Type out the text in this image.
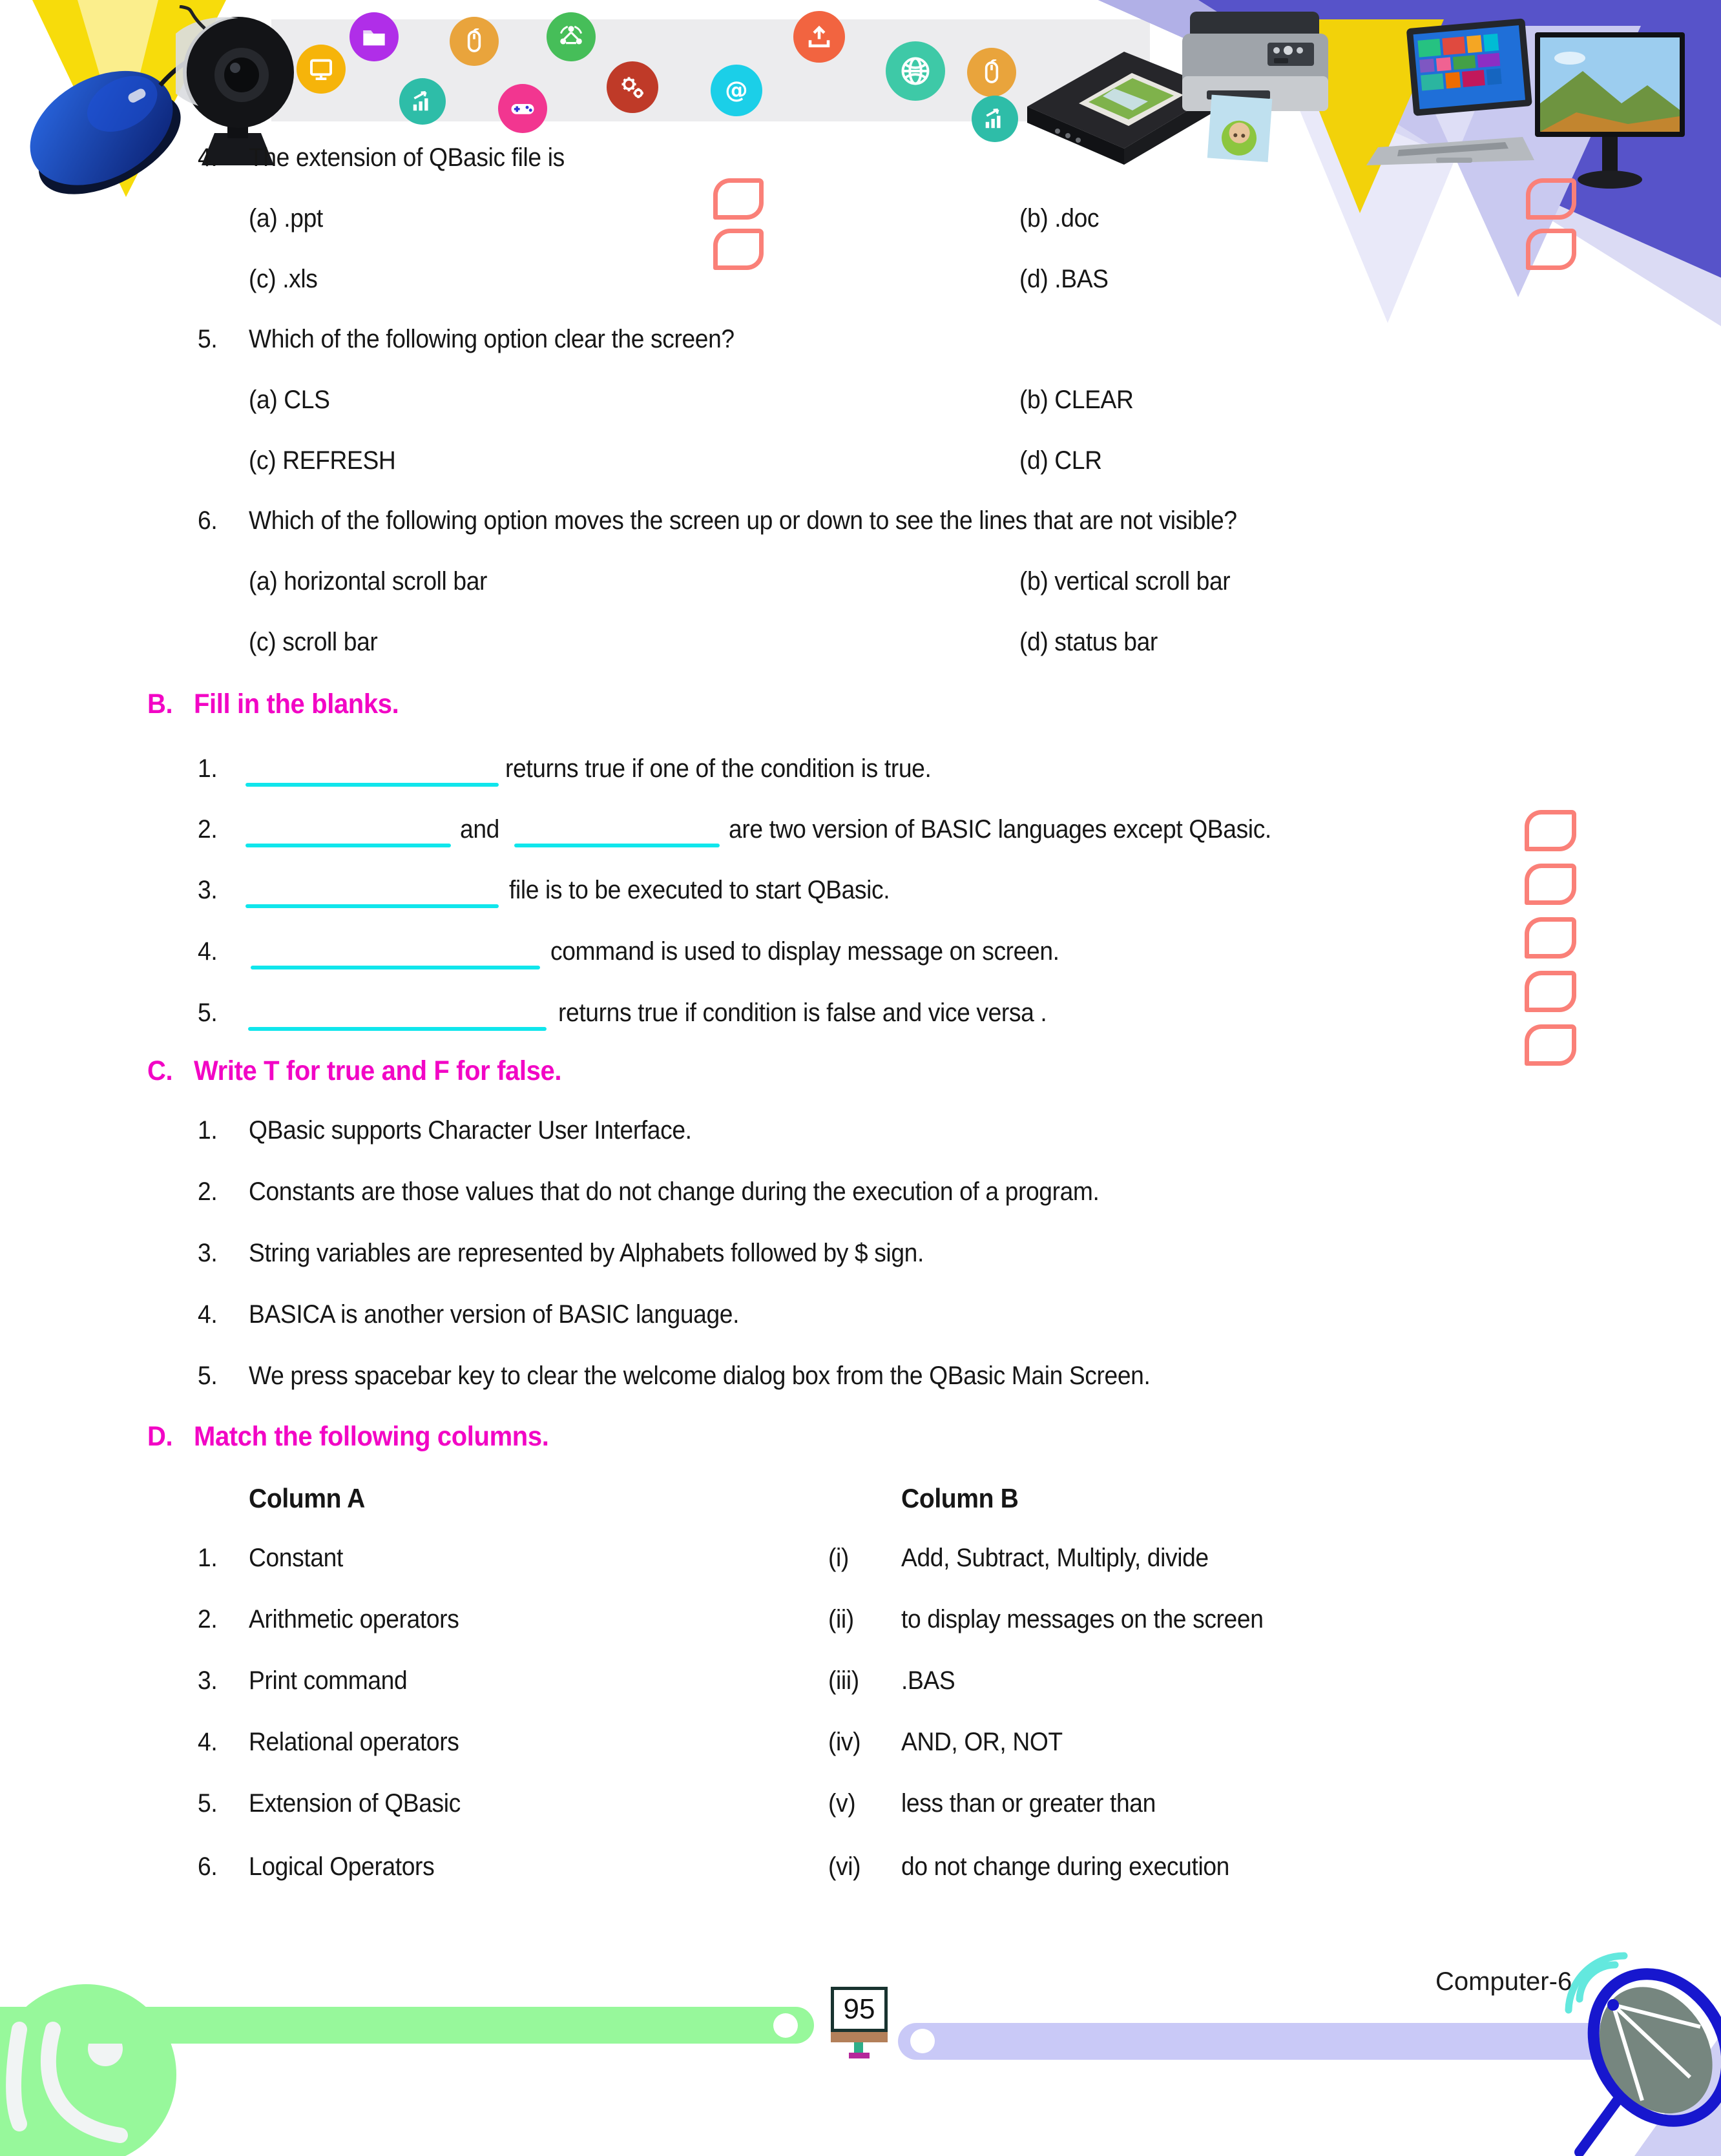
@
4. The extension of QBasic file is
(a) .ppt	(b) .doc
(c) .xls	(d) .BAS
5. Which of the following option clear the screen?
(a) CLS	(b) CLEAR
(c) REFRESH	(d) CLR
6. Which of the following option moves the screen up or down to see the lines that are not visible?
(a) horizontal scroll bar	(b) vertical scroll bar
(c) scroll bar	(d) status bar
B. Fill in the blanks.
1.	returns true if one of the condition is true.
2.	and	are two version of BASIC languages except QBasic.
3.	file is to be executed to start QBasic.
4.	command is used to display message on screen.
5.	returns true if condition is false and vice versa .
C. Write T for true and F for false.
1. QBasic supports Character User Interface.
2. Constants are those values that do not change during the execution of a program.
3. String variables are represented by Alphabets followed by $ sign.
4. BASICA is another version of BASIC language.
5. We press spacebar key to clear the welcome dialog box from the QBasic Main Screen.
D. Match the following columns.
Column A	Column B
1. Constant	(i) Add, Subtract, Multiply, divide
2. Arithmetic operators	(ii) to display messages on the screen
3. Print command	(iii) .BAS
4. Relational operators	(iv) AND, OR, NOT
5. Extension of QBasic	(v) less than or greater than
6. Logical Operators	(vi) do not change during execution
95
Computer-6
